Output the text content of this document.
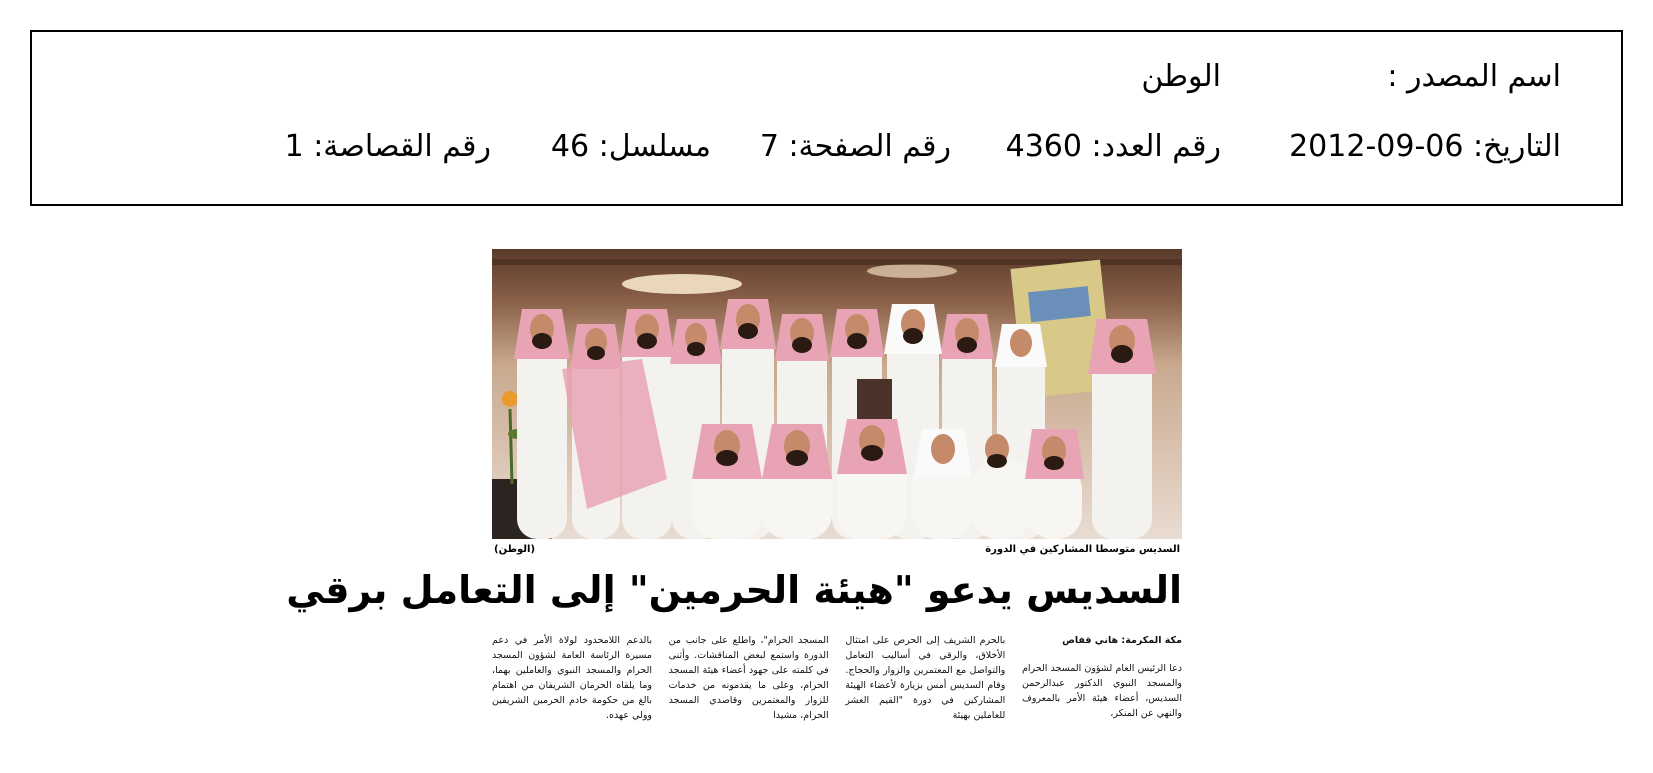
اسم المصدر :
الوطن
التاريخ: 06-09-2012
رقم العدد: 4360
رقم الصفحة: 7
مسلسل: 46
رقم القصاصة: 1
السديس متوسطا المشاركين في الدورة
(الوطن)
السديس يدعو "هيئة الحرمين" إلى التعامل برقي
مكة المكرمة: هاني قفاص
دعا الرئيس العام لشؤون المسجد الحرام والمسجد النبوي الدكتور عبدالرحمن السديس، أعضاء هيئة الأمر بالمعروف والنهي عن المنكر،
بالحرم الشريف إلى الحرص على امتثال الأخلاق، والرقي في أساليب التعامل والتواصل مع المعتمرين والزوار والحجاج. وقام السديس أمس بزيارة لأعضاء الهيئة المشاركين في دورة "القيم العشر للعاملين بهيئة
المسجد الحرام"، واطلع على جانب من الدورة واستمع لبعض المناقشات. وأثنى في كلمته على جهود أعضاء هيئة المسجد الحرام، وعلى ما يقدمونه من خدمات للزوار والمعتمرين وقاصدي المسجد الحرام، مشيدا
بالدعم اللامحدود لولاة الأمر في دعم مسيرة الرئاسة العامة لشؤون المسجد الحرام والمسجد النبوي والعاملين بهما، وما يلقاه الحرمان الشريفان من اهتمام بالغ من حكومة خادم الحرمين الشريفين وولي عهده.
